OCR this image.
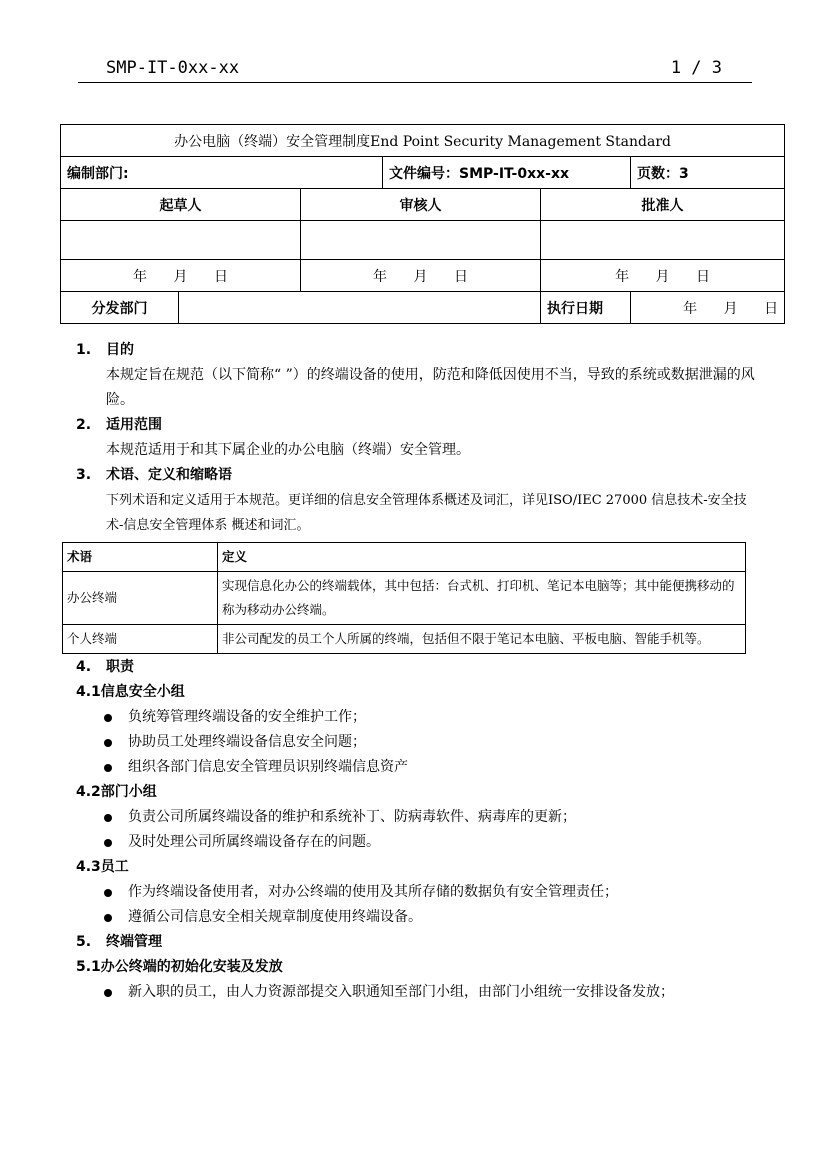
SMP-IT-0xx-xx	1 / 3
办公电脑（终端）安全管理制度End Point Security Management Standard					
编制部门:			文件编号：SMP-IT-0xx-xx		页数：3
起草人		审核人		批准人	

年 月 日		年 月 日		年 月 日	
分发部门				执行日期	年 月 日
1. 目的
本规定旨在规范（以下简称“ ”）的终端设备的使用，防范和降低因使用不当，导致的系统或数据泄漏的风险。
2. 适用范围
本规范适用于和其下属企业的办公电脑（终端）安全管理。
3. 术语、定义和缩略语
下列术语和定义适用于本规范。更详细的信息安全管理体系概述及词汇，详见ISO/IEC 27000 信息技术-安全技术-信息安全管理体系 概述和词汇。
术语	定义
办公终端	实现信息化办公的终端载体，其中包括：台式机、打印机、笔记本电脑等；其中能便携移动的称为移动办公终端。
个人终端	非公司配发的员工个人所属的终端，包括但不限于笔记本电脑、平板电脑、智能手机等。
4. 职责
4.1信息安全小组
负统筹管理终端设备的安全维护工作；
协助员工处理终端设备信息安全问题；
组织各部门信息安全管理员识别终端信息资产
4.2部门小组
负责公司所属终端设备的维护和系统补丁、防病毒软件、病毒库的更新；
及时处理公司所属终端设备存在的问题。
4.3员工
作为终端设备使用者，对办公终端的使用及其所存储的数据负有安全管理责任；
遵循公司信息安全相关规章制度使用终端设备。
5. 终端管理
5.1办公终端的初始化安装及发放
新入职的员工，由人力资源部提交入职通知至部门小组，由部门小组统一安排设备发放；
